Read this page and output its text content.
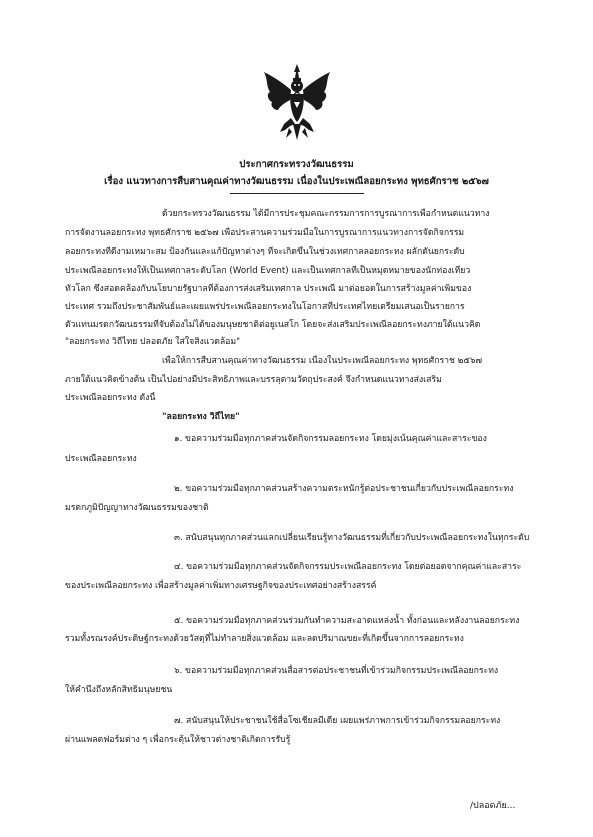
ประกาศกระทรวงวัฒนธรรม
เรื่อง แนวทางการสืบสานคุณค่าทางวัฒนธรรม เนื่องในประเพณีลอยกระทง พุทธศักราช ๒๕๖๗
ด้วยกระทรวงวัฒนธรรม ได้มีการประชุมคณะกรรมการการบูรณาการเพื่อกำหนดแนวทาง
การจัดงานลอยกระทง พุทธศักราช ๒๕๖๗ เพื่อประสานความร่วมมือในการบูรณาการแนวทางการจัดกิจกรรม
ลอยกระทงที่ดีงามเหมาะสม ป้องกันและแก้ปัญหาต่างๆ ที่จะเกิดขึ้นในช่วงเทศกาลลอยกระทง ผลักดันยกระดับ
ประเพณีลอยกระทงให้เป็นเทศกาลระดับโลก (World Event) และเป็นเทศกาลที่เป็นหมุดหมายของนักท่องเที่ยว
ทั่วโลก ซึ่งสอดคล้องกับนโยบายรัฐบาลที่ต้องการส่งเสริมเทศกาล ประเพณี มาต่อยอดในการสร้างมูลค่าเพิ่มของ
ประเทศ รวมถึงประชาสัมพันธ์และเผยแพร่ประเพณีลอยกระทงในโอกาสที่ประเทศไทยเตรียมเสนอเป็นรายการ
ตัวแทนมรดกวัฒนธรรมที่จับต้องไม่ได้ของมนุษยชาติต่อยูเนสโก โดยจะส่งเสริมประเพณีลอยกระทงภายใต้แนวคิด
"ลอยกระทง วิถีไทย ปลอดภัย ใส่ใจสิ่งแวดล้อม"
เพื่อให้การสืบสานคุณค่าทางวัฒนธรรม เนื่องในประเพณีลอยกระทง พุทธศักราช ๒๕๖๗
ภายใต้แนวคิดข้างต้น เป็นไปอย่างมีประสิทธิภาพและบรรลุตามวัตถุประสงค์ จึงกำหนดแนวทางส่งเสริม
ประเพณีลอยกระทง ดังนี้
"ลอยกระทง วิถีไทย"
๑. ขอความร่วมมือทุกภาคส่วนจัดกิจกรรมลอยกระทง โดยมุ่งเน้นคุณค่าและสาระของ
ประเพณีลอยกระทง
๒. ขอความร่วมมือทุกภาคส่วนสร้างความตระหนักรู้ต่อประชาชนเกี่ยวกับประเพณีลอยกระทง
มรดกภูมิปัญญาทางวัฒนธรรมของชาติ
๓. สนับสนุนทุกภาคส่วนแลกเปลี่ยนเรียนรู้ทางวัฒนธรรมที่เกี่ยวกับประเพณีลอยกระทงในทุกระดับ
๔. ขอความร่วมมือทุกภาคส่วนจัดกิจกรรมประเพณีลอยกระทง โดยต่อยอดจากคุณค่าและสาระ
ของประเพณีลอยกระทง เพื่อสร้างมูลค่าเพิ่มทางเศรษฐกิจของประเทศอย่างสร้างสรรค์
๕. ขอความร่วมมือทุกภาคส่วนร่วมกันทำความสะอาดแหล่งน้ำ ทั้งก่อนและหลังงานลอยกระทง
รวมทั้งรณรงค์ประดิษฐ์กระทงด้วยวัสดุที่ไม่ทำลายสิ่งแวดล้อม และลดปริมาณขยะที่เกิดขึ้นจากการลอยกระทง
๖. ขอความร่วมมือทุกภาคส่วนสื่อสารต่อประชาชนที่เข้าร่วมกิจกรรมประเพณีลอยกระทง
ให้คำนึงถึงหลักสิทธิมนุษยชน
๗. สนับสนุนให้ประชาชนใช้สื่อโซเชียลมีเดีย เผยแพร่ภาพการเข้าร่วมกิจกรรมลอยกระทง
ผ่านแพลตฟอร์มต่าง ๆ เพื่อกระตุ้นให้ชาวต่างชาติเกิดการรับรู้
/ปลอดภัย...
